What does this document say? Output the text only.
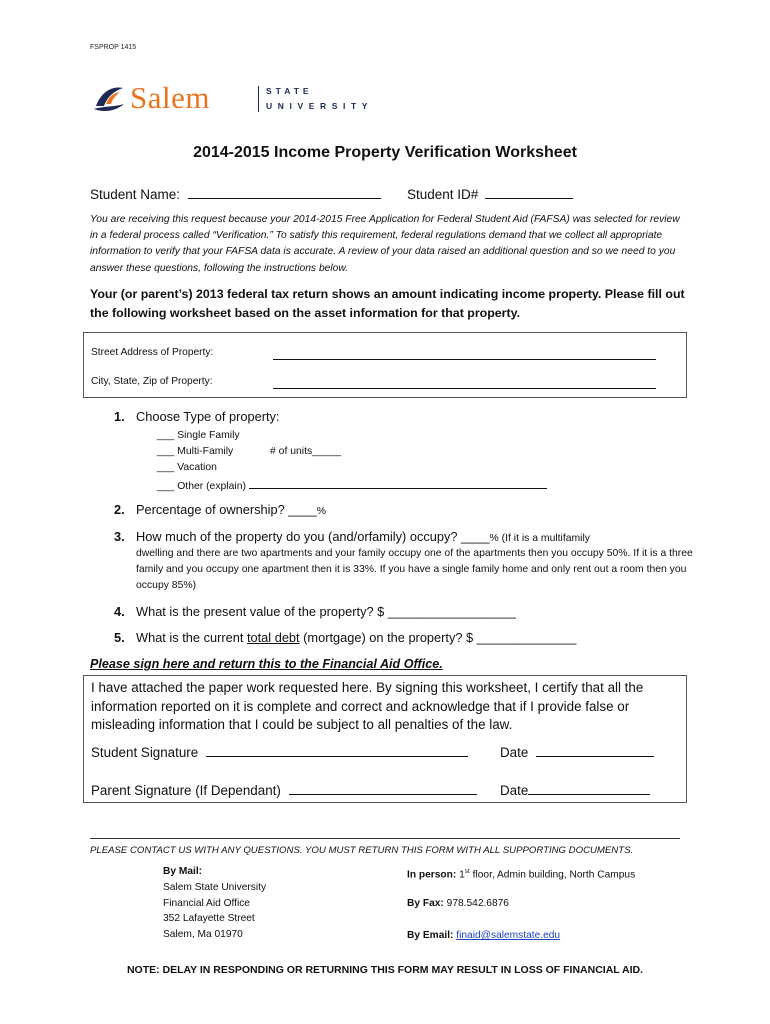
FSPROP 1415
Salem	STATE
UNIVERSITY
2014-2015 Income Property Verification Worksheet
Student Name:	Student ID#
You are receiving this request because your 2014-2015 Free Application for Federal Student Aid (FAFSA) was selected for review in a federal process called “Verification.” To satisfy this requirement, federal regulations demand that we collect all appropriate information to verify that your FAFSA data is accurate. A review of your data raised an additional question and so we need to you answer these questions, following the instructions below.
Your (or parent’s) 2013 federal tax return shows an amount indicating income property. Please fill out the following worksheet based on the asset information for that property.
Street Address of Property:
City, State, Zip of Property:
1. Choose Type of property:
___ Single Family
___ Multi-Family	# of units_____
___ Vacation
___ Other (explain)
2. Percentage of ownership? ____%
3. How much of the property do you (and/orfamily) occupy? ____% (If it is a multifamily
dwelling and there are two apartments and your family occupy one of the apartments then you occupy 50%. If it is a three family and you occupy one apartment then it is 33%. If you have a single family home and only rent out a room then you occupy 85%)
4. What is the present value of the property? $ __________________
5. What is the current total debt (mortgage) on the property? $ ______________
Please sign here and return this to the Financial Aid Office.
I have attached the paper work requested here. By signing this worksheet, I certify that all the information reported on it is complete and correct and acknowledge that if I provide false or misleading information that I could be subject to all penalties of the law.
Student Signature	Date
Parent Signature (If Dependant)	Date
PLEASE CONTACT US WITH ANY QUESTIONS. YOU MUST RETURN THIS FORM WITH ALL SUPPORTING DOCUMENTS.
By Mail:
Salem State University
Financial Aid Office
352 Lafayette Street
Salem, Ma 01970
In person: 1st floor, Admin building, North Campus
By Fax: 978.542.6876
By Email: finaid@salemstate.edu
NOTE: DELAY IN RESPONDING OR RETURNING THIS FORM MAY RESULT IN LOSS OF FINANCIAL AID.
